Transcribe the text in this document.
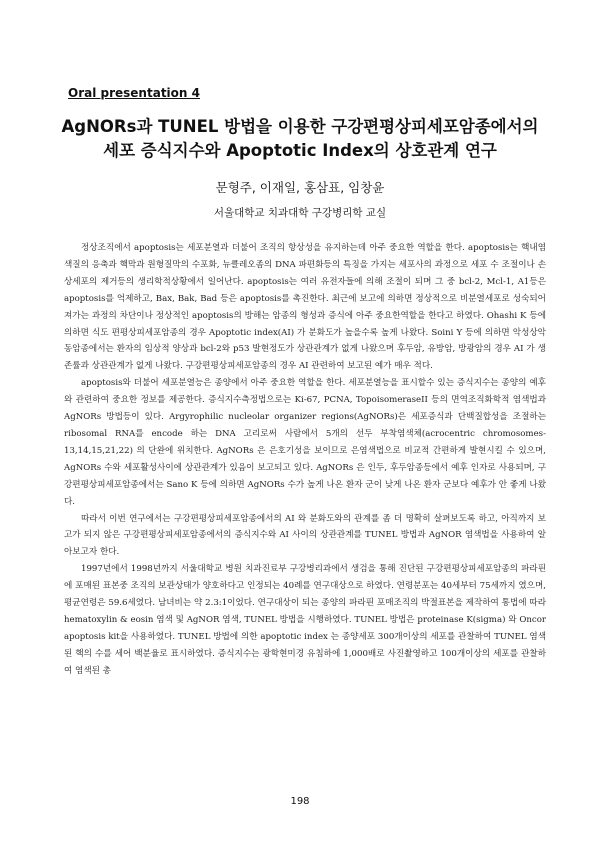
Oral presentation 4
AgNORs과 TUNEL 방법을 이용한 구강편평상피세포암종에서의
세포 증식지수와 Apoptotic Index의 상호관계 연구
문형주, 이재일, 홍삼표, 임창윤
서울대학교 치과대학 구강병리학 교실

정상조직에서 apoptosis는 세포분열과 더불어 조직의 항상성을 유지하는데 아주 중요한 역할을 한다. apoptosis는 핵내염색질의 응축과 핵막과 원형질막의 수포화, 뉴클레오좀의 DNA 파편화등의 특징을 가지는 세포사의 과정으로 세포 수 조절이나 손상세포의 제거등의 생리학적상황에서 일어난다. apoptosis는 여러 유전자들에 의해 조절이 되며 그 중 bcl-2, Mcl-1, A1등은 apoptosis를 억제하고, Bax, Bak, Bad 등은 apoptosis를 촉진한다. 최근에 보고에 의하면 정상적으로 비분열세포로 성숙되어져가는 과정의 차단이나 정상적인 apoptosis의 방해는 암종의 형성과 증식에 아주 중요한역할을 한다고 하였다. Ohashi K 등에 의하면 식도 편평상피세포암종의 경우 Apoptotic index(AI) 가 분화도가 높을수록 높게 나왔다. Soini Y 등에 의하면 악성상악동암종에서는 환자의 임상적 양상과 bcl-2와 p53 발현정도가 상관관계가 없게 나왔으며 후두암, 유방암, 방광암의 경우 AI 가 생존률과 상관관계가 없게 나왔다. 구강편평상피세포암종의 경우 AI 관련하여 보고된 예가 매우 적다.

apoptosis와 더불어 세포분열능은 종양에서 아주 중요한 역할을 한다. 세포분열능을 표시할수 있는 증식지수는 종양의 예후와 관련하여 중요한 정보를 제공한다. 증식지수측정법으로는 Ki-67, PCNA, TopoisomeraseII 등의 면역조직화학적 염색법과 AgNORs 방법등이 있다. Argyrophilic nucleolar organizer regions(AgNORs)은 세포증식과 단백질합성을 조절하는 ribosomal RNA를 encode 하는 DNA 고리로써 사람에서 5개의 선두 부착염색체(acrocentric chromosomes-13,14,15,21,22) 의 단완에 위치한다. AgNORs 은 은호기성을 보이므로 은염색법으로 비교적 간편하게 발현시킬 수 있으며, AgNORs 수와 세포활성사이에 상관관계가 있음이 보고되고 있다. AgNORs 은 인두, 후두암종등에서 예후 인자로 사용되며, 구강편평상피세포암종에서는 Sano K 등에 의하면 AgNORs 수가 높게 나온 환자 군이 낮게 나온 환자 군보다 예후가 안 좋게 나왔다.

따라서 이번 연구에서는 구강편평상피세포암종에서의 AI 와 분화도와의 관계를 좀 더 명확히 살펴보도록 하고, 아직까지 보고가 되지 않은 구강편평상피세포암종에서의 증식지수와 AI 사이의 상관관계를 TUNEL 방법과 AgNOR 염색법을 사용하여 알아보고자 한다.

1997년에서 1998년까지 서울대학교 병원 치과진료부 구강병리과에서 생검을 통해 진단된 구강편평상피세포암종의 파라핀에 포매된 표본중 조직의 보관상태가 양호하다고 인정되는 40례를 연구대상으로 하였다. 연령분포는 40세부터 75세까지 였으며, 평균연령은 59.6세였다. 남녀비는 약 2.3:1이었다. 연구대상이 되는 종양의 파라핀 포매조직의 박절표본을 제작하여 통법에 따라 hematoxylin & eosin 염색 및 AgNOR 염색, TUNEL 방법을 시행하였다. TUNEL 방법은 proteinase K(sigma) 와 Oncor apoptosis kit을 사용하였다. TUNEL 방법에 의한 apoptotic index 는 종양세포 300개이상의 세포를 관찰하여 TUNEL 염색된 핵의 수를 세어 백분율로 표시하였다. 증식지수는 광학현미경 유침하에 1,000배로 사진촬영하고 100개이상의 세포를 관찰하여 염색된 총

198
